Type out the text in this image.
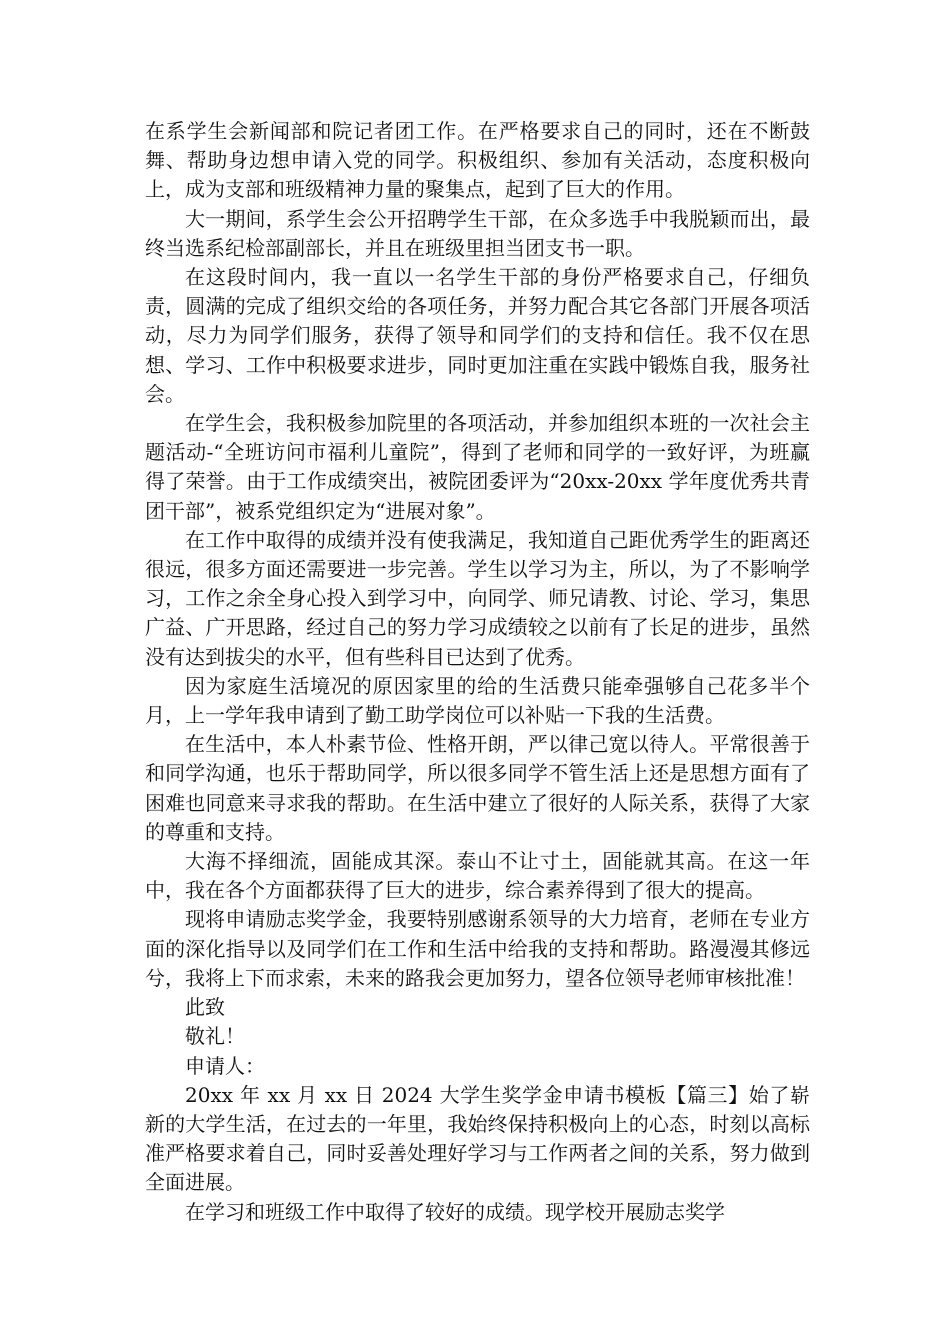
在系学生会新闻部和院记者团工作。在严格要求自己的同时，还在不断鼓舞、帮助身边想申请入党的同学。积极组织、参加有关活动，态度积极向上，成为支部和班级精神力量的聚集点，起到了巨大的作用。

大一期间，系学生会公开招聘学生干部，在众多选手中我脱颖而出，最终当选系纪检部副部长，并且在班级里担当团支书一职。

在这段时间内，我一直以一名学生干部的身份严格要求自己，仔细负责，圆满的完成了组织交给的各项任务，并努力配合其它各部门开展各项活动，尽力为同学们服务，获得了领导和同学们的支持和信任。我不仅在思想、学习、工作中积极要求进步，同时更加注重在实践中锻炼自我，服务社会。

在学生会，我积极参加院里的各项活动，并参加组织本班的一次社会主题活动-“全班访问市福利儿童院”，得到了老师和同学的一致好评，为班赢得了荣誉。由于工作成绩突出，被院团委评为“20xx-20xx 学年度优秀共青团干部”，被系党组织定为“进展对象”。

在工作中取得的成绩并没有使我满足，我知道自己距优秀学生的距离还很远，很多方面还需要进一步完善。学生以学习为主，所以，为了不影响学习，工作之余全身心投入到学习中，向同学、师兄请教、讨论、学习，集思广益、广开思路，经过自己的努力学习成绩较之以前有了长足的进步，虽然没有达到拔尖的水平，但有些科目已达到了优秀。

因为家庭生活境况的原因家里的给的生活费只能牵强够自己花多半个月，上一学年我申请到了勤工助学岗位可以补贴一下我的生活费。

在生活中，本人朴素节俭、性格开朗，严以律己宽以待人。平常很善于和同学沟通，也乐于帮助同学，所以很多同学不管生活上还是思想方面有了困难也同意来寻求我的帮助。在生活中建立了很好的人际关系，获得了大家的尊重和支持。

大海不择细流，固能成其深。泰山不让寸土，固能就其高。在这一年中，我在各个方面都获得了巨大的进步，综合素养得到了很大的提高。

现将申请励志奖学金，我要特别感谢系领导的大力培育，老师在专业方面的深化指导以及同学们在工作和生活中给我的支持和帮助。路漫漫其修远兮，我将上下而求索，未来的路我会更加努力，望各位领导老师审核批准！

此致

敬礼！

申请人：

20xx 年 xx 月 xx 日 2024 大学生奖学金申请书模板【篇三】始了崭新的大学生活，在过去的一年里，我始终保持积极向上的心态，时刻以高标准严格要求着自己，同时妥善处理好学习与工作两者之间的关系，努力做到全面进展。

在学习和班级工作中取得了较好的成绩。现学校开展励志奖学
